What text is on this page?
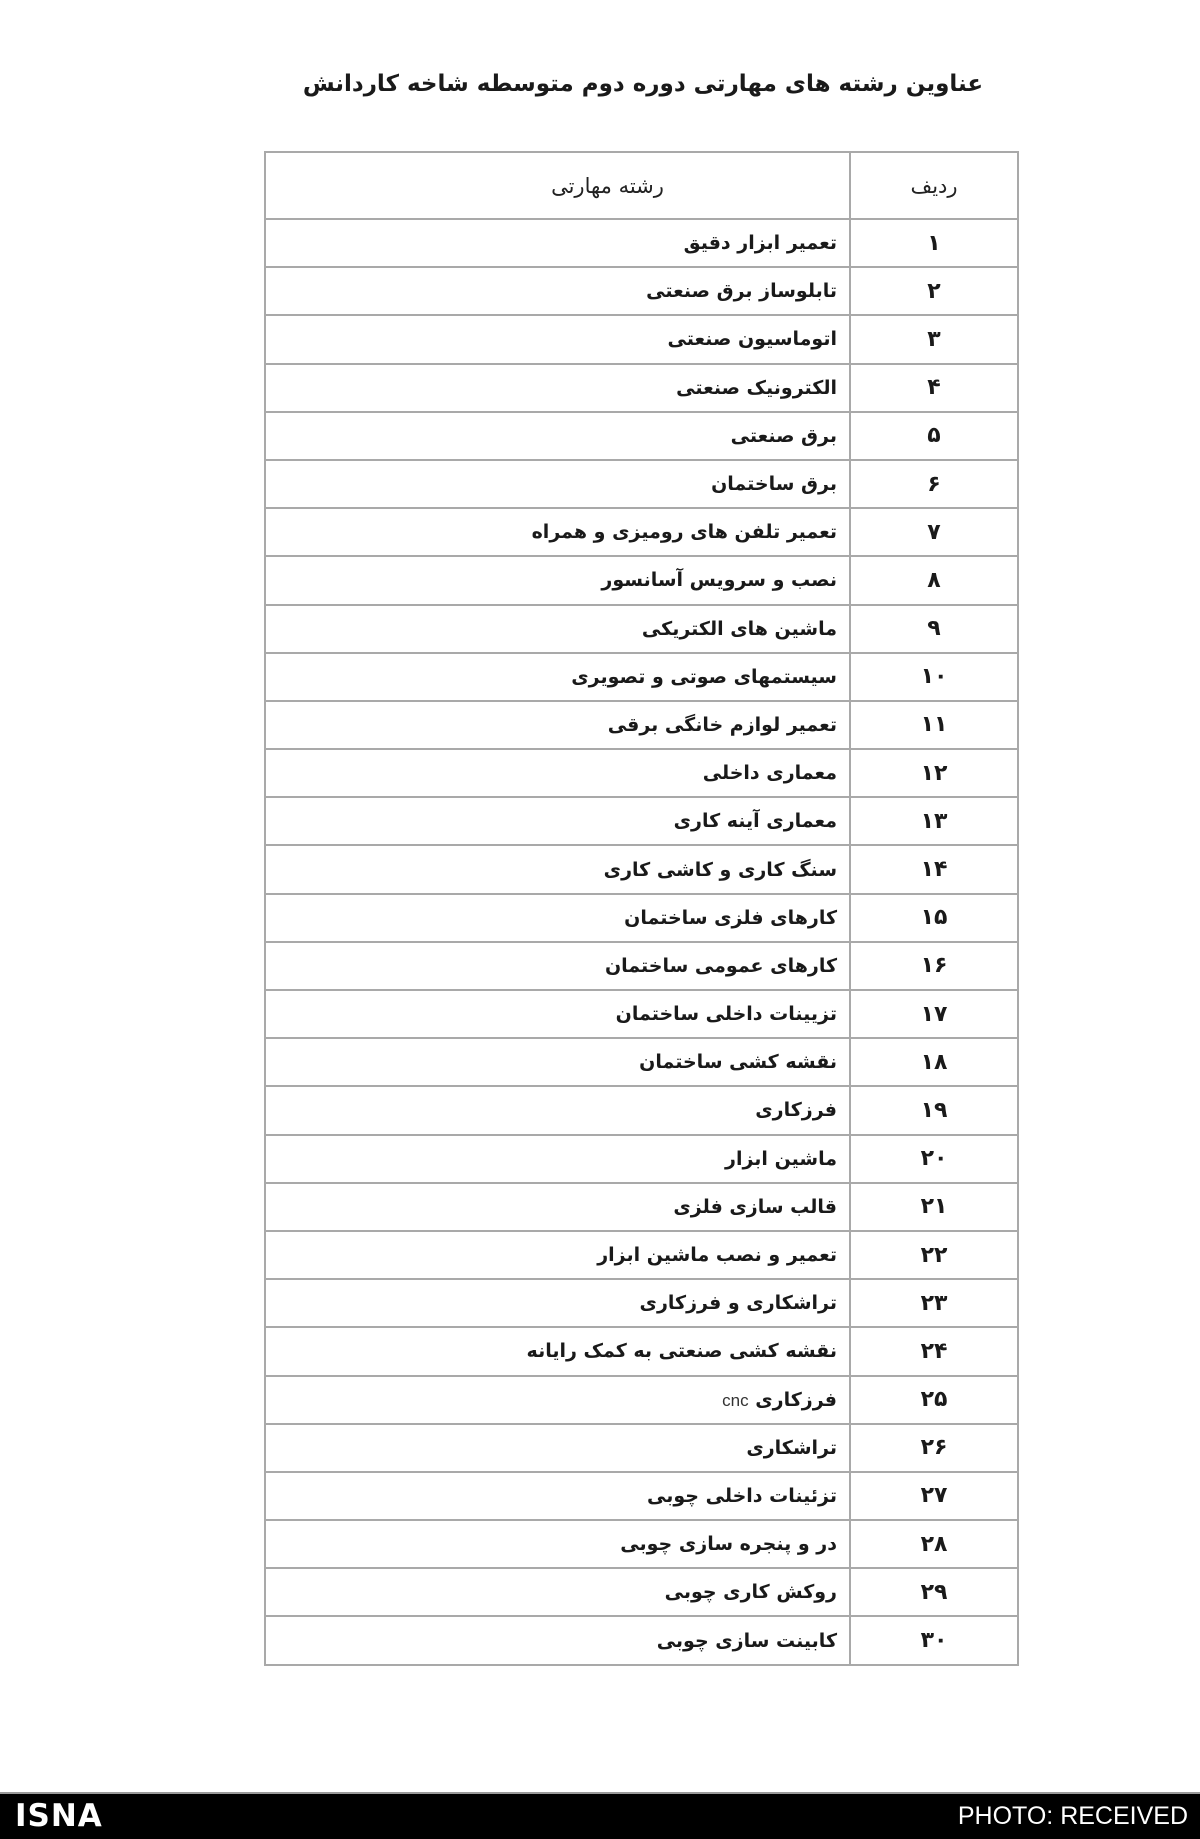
عناوین رشته های مهارتی دوره دوم متوسطه شاخه کاردانش
ردیف	رشته مهارتی
۱	تعمیر ابزار دقیق
۲	تابلوساز برق صنعتی
۳	اتوماسیون صنعتی
۴	الکترونیک صنعتی
۵	برق صنعتی
۶	برق ساختمان
۷	تعمیر تلفن های رومیزی و همراه
۸	نصب و سرویس آسانسور
۹	ماشین های الکتریکی
۱۰	سیستمهای صوتی و تصویری
۱۱	تعمیر لوازم خانگی برقی
۱۲	معماری داخلی
۱۳	معماری آینه کاری
۱۴	سنگ کاری و کاشی کاری
۱۵	کارهای فلزی ساختمان
۱۶	کارهای عمومی ساختمان
۱۷	تزیینات داخلی ساختمان
۱۸	نقشه کشی ساختمان
۱۹	فرزکاری
۲۰	ماشین ابزار
۲۱	قالب سازی فلزی
۲۲	تعمیر و نصب ماشین ابزار
۲۳	تراشکاری و فرزکاری
۲۴	نقشه کشی صنعتی به کمک رایانه
۲۵	فرزکاری cnc
۲۶	تراشکاری
۲۷	تزئینات داخلی چوبی
۲۸	در و پنجره سازی چوبی
۲۹	روکش کاری چوبی
۳۰	کابینت سازی چوبی
ISNA	PHOTO: RECEIVED
